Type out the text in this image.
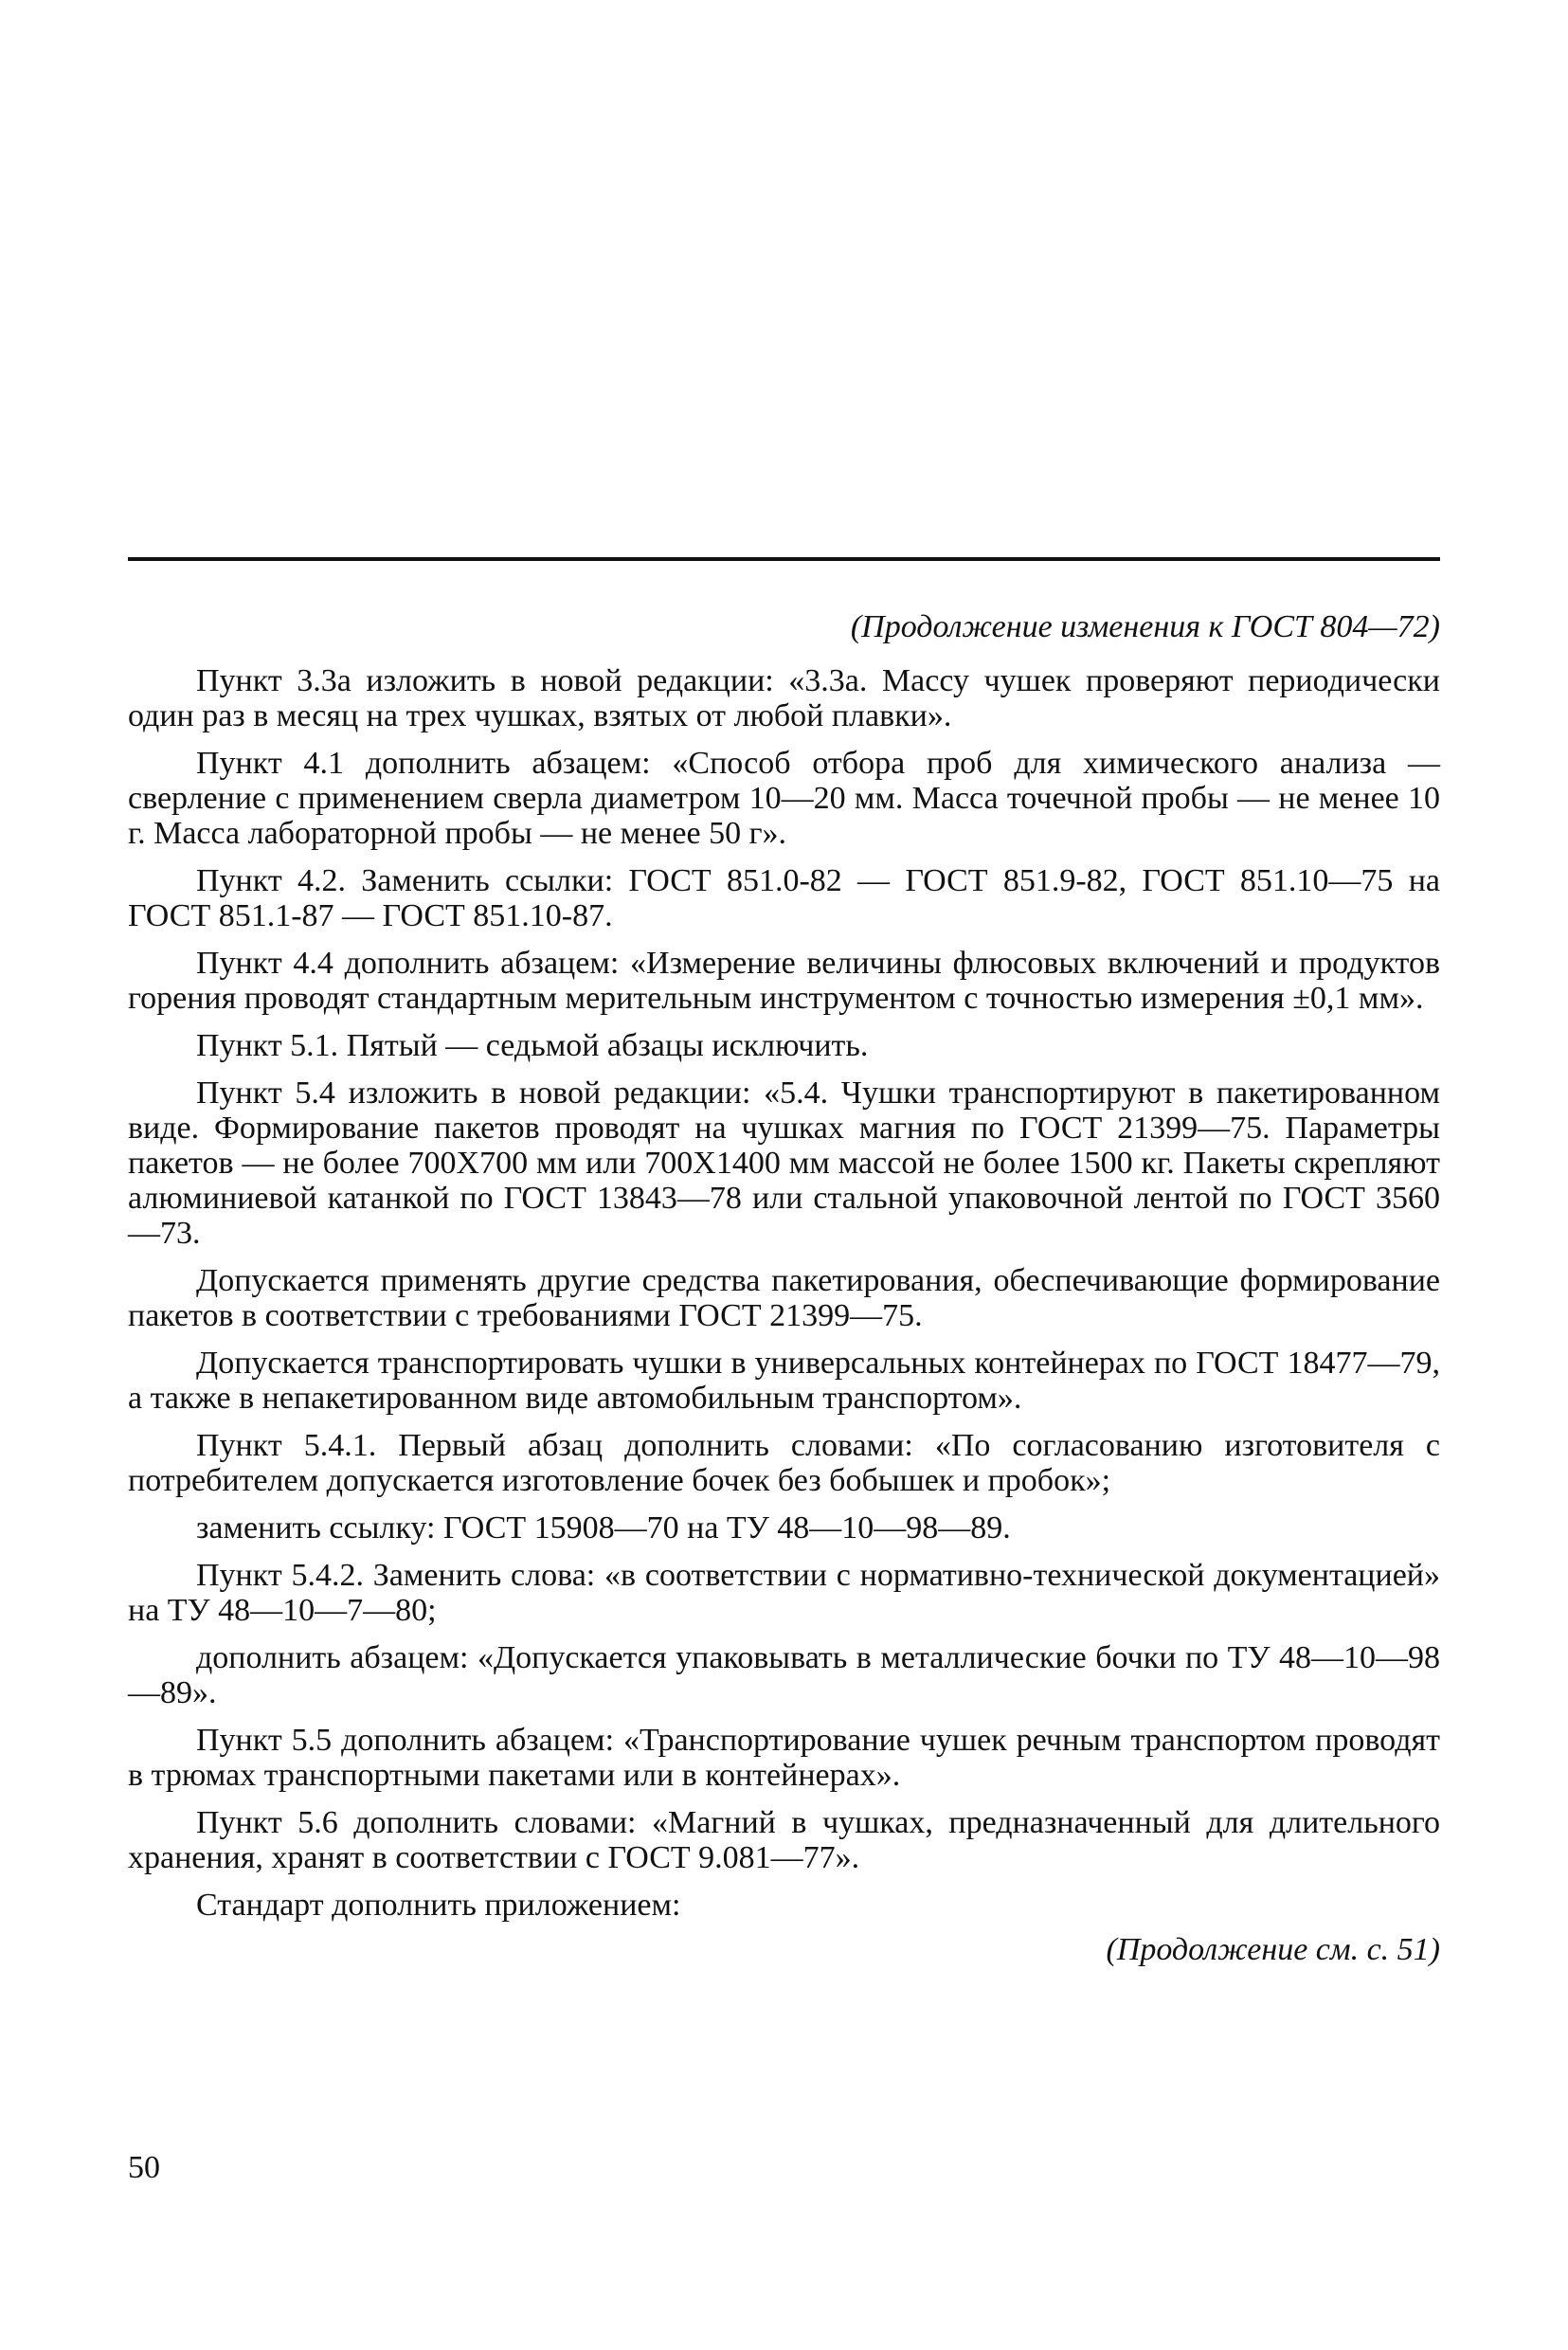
(Продолжение изменения к ГОСТ 804—72)

Пункт 3.3а изложить в новой редакции: «3.3а. Массу чушек проверяют периодически один раз в месяц на трех чушках, взятых от любой плавки».

Пункт 4.1 дополнить абзацем: «Способ отбора проб для химического анализа — сверление с применением сверла диаметром 10—20 мм. Масса точечной пробы — не менее 10 г. Масса лабораторной пробы — не менее 50 г».

Пункт 4.2. Заменить ссылки: ГОСТ 851.0-82 — ГОСТ 851.9-82, ГОСТ 851.10—75 на ГОСТ 851.1-87 — ГОСТ 851.10-87.

Пункт 4.4 дополнить абзацем: «Измерение величины флюсовых включений и продуктов горения проводят стандартным мерительным инструментом с точностью измерения ±0,1 мм».

Пункт 5.1. Пятый — седьмой абзацы исключить.

Пункт 5.4 изложить в новой редакции: «5.4. Чушки транспортируют в пакетированном виде. Формирование пакетов проводят на чушках магния по ГОСТ 21399—75. Параметры пакетов — не более 700Х700 мм или 700Х1400 мм массой не более 1500 кг. Пакеты скрепляют алюминиевой катанкой по ГОСТ 13843—78 или стальной упаковочной лентой по ГОСТ 3560—73.

Допускается применять другие средства пакетирования, обеспечивающие формирование пакетов в соответствии с требованиями ГОСТ 21399—75.

Допускается транспортировать чушки в универсальных контейнерах по ГОСТ 18477—79, а также в непакетированном виде автомобильным транспортом».

Пункт 5.4.1. Первый абзац дополнить словами: «По согласованию изготовителя с потребителем допускается изготовление бочек без бобышек и пробок»;

заменить ссылку: ГОСТ 15908—70 на ТУ 48—10—98—89.

Пункт 5.4.2. Заменить слова: «в соответствии с нормативно-технической документацией» на ТУ 48—10—7—80;

дополнить абзацем: «Допускается упаковывать в металлические бочки по ТУ 48—10—98—89».

Пункт 5.5 дополнить абзацем: «Транспортирование чушек речным транспортом проводят в трюмах транспортными пакетами или в контейнерах».

Пункт 5.6 дополнить словами: «Магний в чушках, предназначенный для длительного хранения, хранят в соответствии с ГОСТ 9.081—77».

Стандарт дополнить приложением:

(Продолжение см. с. 51)
50
